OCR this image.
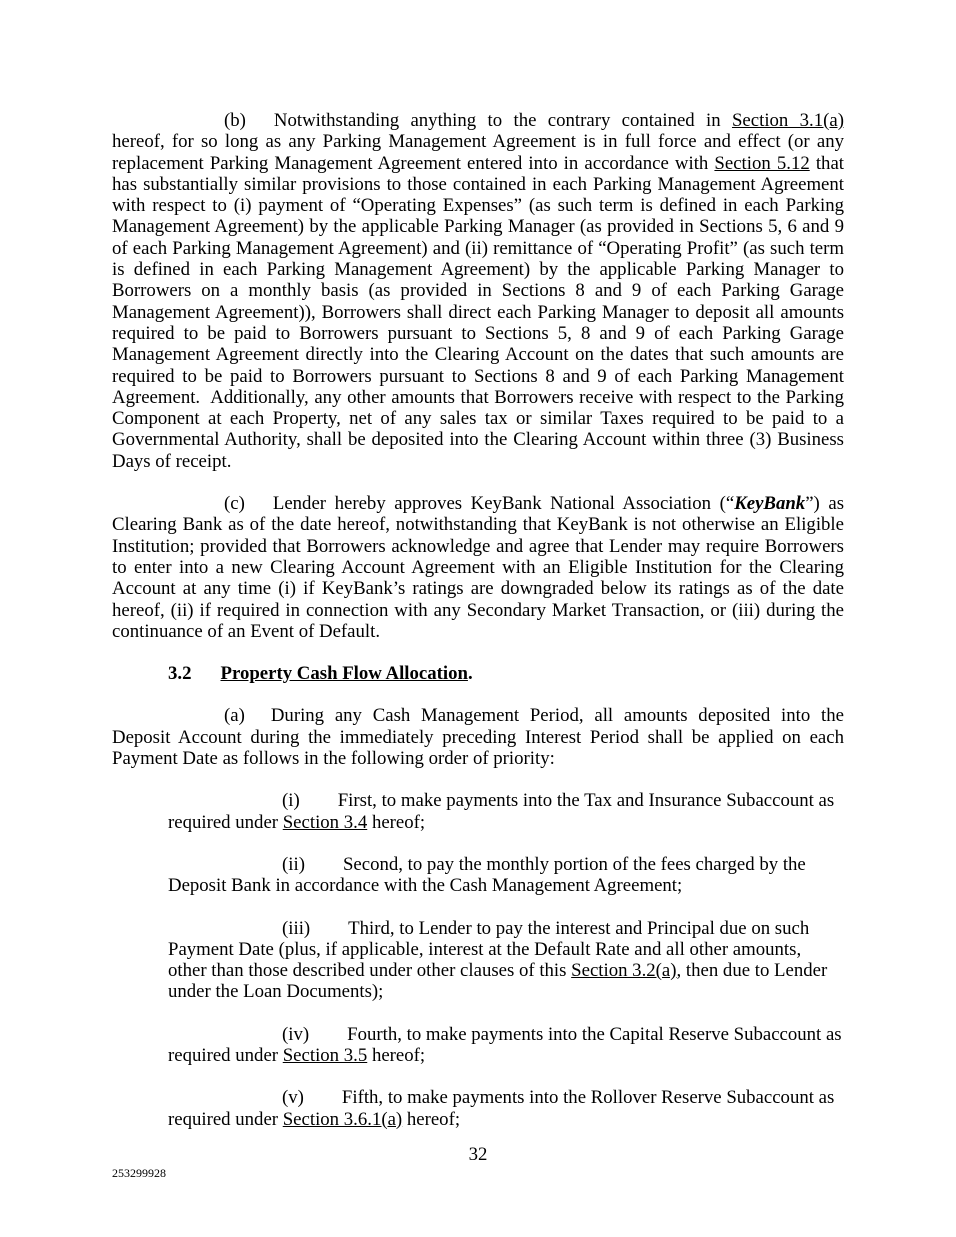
(b) Notwithstanding anything to the contrary contained in Section 3.1(a) hereof, for so long as any Parking Management Agreement is in full force and effect (or any replacement Parking Management Agreement entered into in accordance with Section 5.12 that has substantially similar provisions to those contained in each Parking Management Agreement with respect to (i) payment of “Operating Expenses” (as such term is defined in each Parking Management Agreement) by the applicable Parking Manager (as provided in Sections 5, 6 and 9 of each Parking Management Agreement) and (ii) remittance of “Operating Profit” (as such term is defined in each Parking Management Agreement) by the applicable Parking Manager to Borrowers on a monthly basis (as provided in Sections 8 and 9 of each Parking Garage Management Agreement)), Borrowers shall direct each Parking Manager to deposit all amounts required to be paid to Borrowers pursuant to Sections 5, 8 and 9 of each Parking Garage Management Agreement directly into the Clearing Account on the dates that such amounts are required to be paid to Borrowers pursuant to Sections 8 and 9 of each Parking Management Agreement.  Additionally, any other amounts that Borrowers receive with respect to the Parking Component at each Property, net of any sales tax or similar Taxes required to be paid to a Governmental Authority, shall be deposited into the Clearing Account within three (3) Business Days of receipt.

(c) Lender hereby approves KeyBank National Association (“KeyBank”) as Clearing Bank as of the date hereof, notwithstanding that KeyBank is not otherwise an Eligible Institution; provided that Borrowers acknowledge and agree that Lender may require Borrowers to enter into a new Clearing Account Agreement with an Eligible Institution for the Clearing Account at any time (i) if KeyBank’s ratings are downgraded below its ratings as of the date hereof, (ii) if required in connection with any Secondary Market Transaction, or (iii) during the continuance of an Event of Default.

3.2 Property Cash Flow Allocation.

(a) During any Cash Management Period, all amounts deposited into the Deposit Account during the immediately preceding Interest Period shall be applied on each Payment Date as follows in the following order of priority:

(i) First, to make payments into the Tax and Insurance Subaccount as required under Section 3.4 hereof;

(ii) Second, to pay the monthly portion of the fees charged by the Deposit Bank in accordance with the Cash Management Agreement;

(iii) Third, to Lender to pay the interest and Principal due on such Payment Date (plus, if applicable, interest at the Default Rate and all other amounts, other than those described under other clauses of this Section 3.2(a), then due to Lender under the Loan Documents);

(iv) Fourth, to make payments into the Capital Reserve Subaccount as required under Section 3.5 hereof;

(v) Fifth, to make payments into the Rollover Reserve Subaccount as required under Section 3.6.1(a) hereof;

32
253299928
